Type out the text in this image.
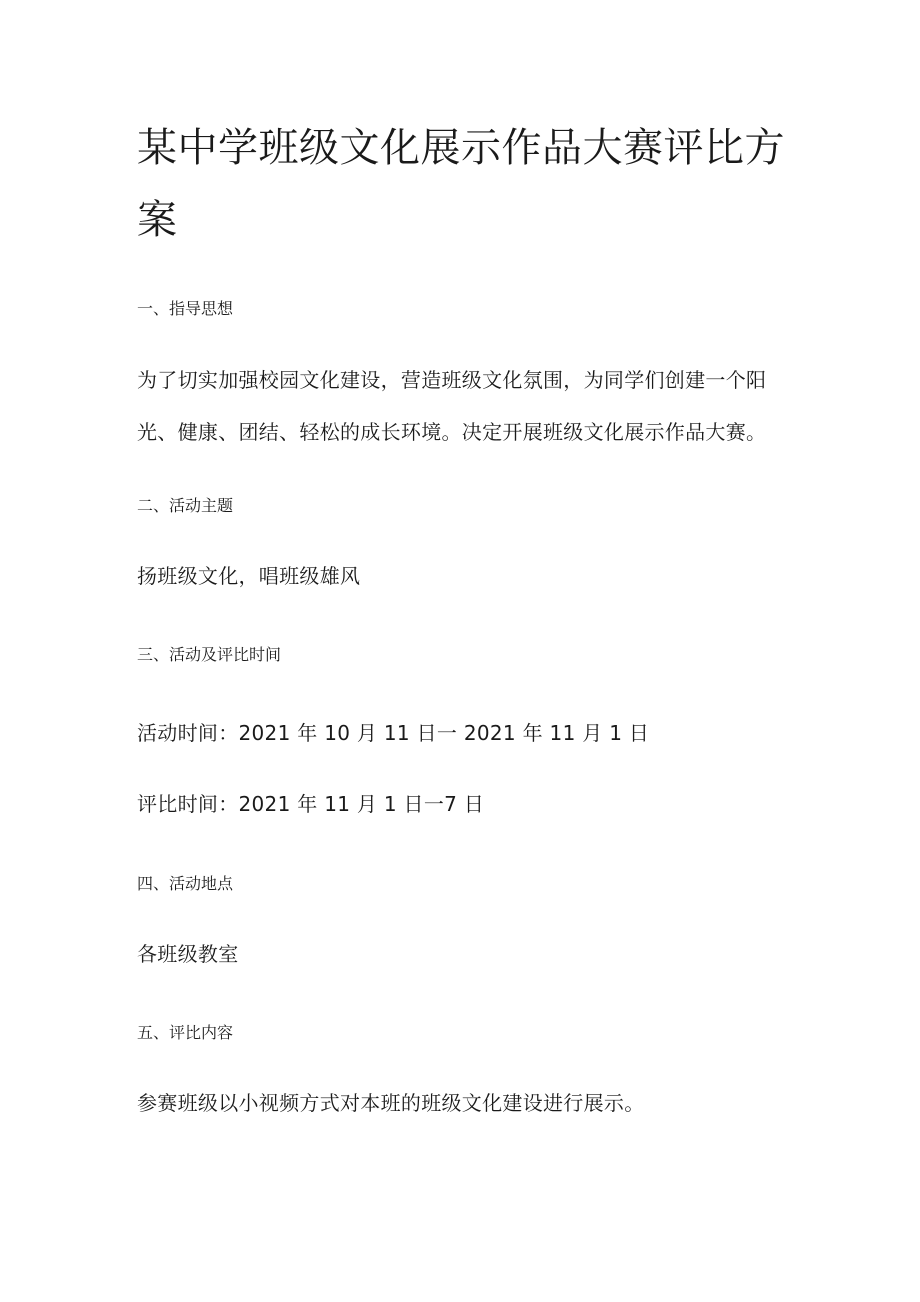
某中学班级文化展示作品大赛评比方案
一、指导思想

为了切实加强校园文化建设，营造班级文化氛围，为同学们创建一个阳光、健康、团结、轻松的成长环境。决定开展班级文化展示作品大赛。

二、活动主题

扬班级文化，唱班级雄风

三、活动及评比时间

活动时间：2021 年 10 月 11 日一 2021 年 11 月 1 日

评比时间：2021 年 11 月 1 日一7 日

四、活动地点

各班级教室

五、评比内容

参赛班级以小视频方式对本班的班级文化建设进行展示。
